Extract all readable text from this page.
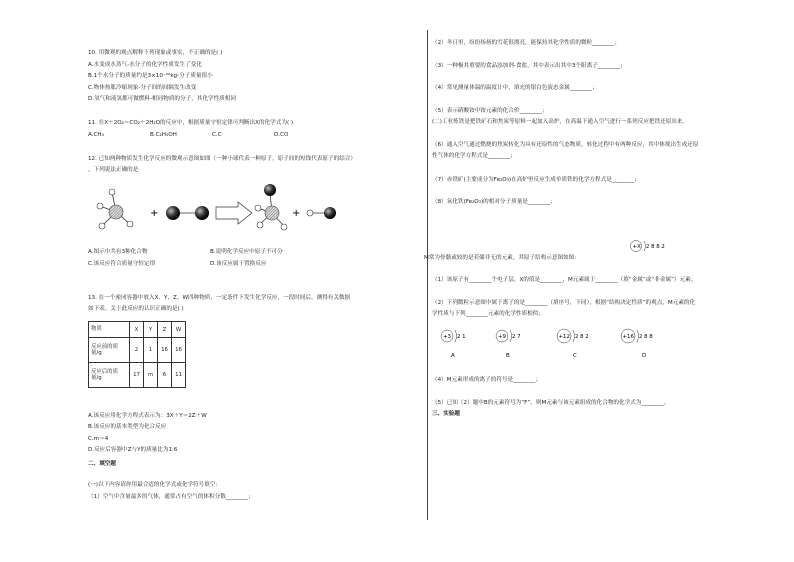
10. 用微观的观点解释下列现象或事实，不正确的是( )
A.水变成水蒸气-水分子的化学性质发生了变化
B.1个水分子的质量约是3×10⁻²⁶kg-分子质量很小
C.物体热胀冷缩现象-分子间的间隔发生改变
D.氢气和液氢都可做燃料-相同物质的分子，其化学性质相同
11. 在X＋2O₂＝CO₂＋2H₂O的反应中，根据质量守恒定律可判断出X的化学式为( )
A.CH₄	B.C₂H₅OH	C.C	D.CO
12. 已知两种物质发生化学反应的微观示意图如图（一种小球代表一种原子，原子间的短线代表原子的结合）
，下列说法正确的是
A.图示中共有3种化合物	B.说明化学反应中原子不可分
C.该反应符合质量守恒定律	D.该反应属于置换反应
13. 在一个密闭容器中放入X、Y、Z、W四种物质，一定条件下发生化学反应，一段时间后，测得有关数据
如下表。关于此反应的认识正确的是( )
A.该反应用化学方程式表示为：3X＋Y＝2Z＋W
B.该反应的基本类型为化合反应
C.m＝4
D.反应后容器中Z与Y的质量比为1:6
二、填空题
(一)以下内容请你用最合适的化学式或化学符号填空：
（1）空气中含量最多的气体，通常占有空气的体积分数________；
+	+
物质	X	Y	Z	W
反应前的质量/g	2	1	16	16
反应后的质量/g	17	m	6	11
（2）冬日里，纷纷扬扬的雪花很漂亮，能保持其化学性质的微粒________；
（3）一种极其重要的食品添加剂-食盐，其中表示出其中3个阳离子________；
（4）常见测量体温的温度计中，填充的银白色液态金属________；
（5）表示硝酸铵中铵元素的化合价________；
(二)工业炼铁是把铁矿石和焦炭等原料一起加入高炉，在高温下通入空气进行一系列反应把铁还原出来。
（6）通入空气通过燃烧的焦炭转化为具有还原性的气态物质，转化过程中有两种反应，其中体现出生成还原
性气体的化学方程式是________；
（7）赤铁矿(主要成分为Fe₂O₃)在高炉里反应生成单质铁的化学方程式是________；
（8）氧化铁(Fe₂O₃)的相对分子质量是________；
M常为骨骼或较的是若储非无的元素，其原子结构示意图如图：
（1）该原子有________个电子层，X的值是________，M元素属于________（填“金属”或“非金属”）元素；
（2）下列微粒示意图中属于离子的是________（填序号，下同），根据“结构决定性质”的观点，M元素的化
学性质与下列________元素的化学性质相似；
（4）M元素形成的离子的符号是________；
（5）已知（2）题中B的元素符号为“F”，则M元素与该元素组成的化合物的化学式为________。
三、实验题
+X 2 8 8 2
+3 2 1
A
+9 2 7
B
+12 2 8 2
C
+16 2 8 8
D
